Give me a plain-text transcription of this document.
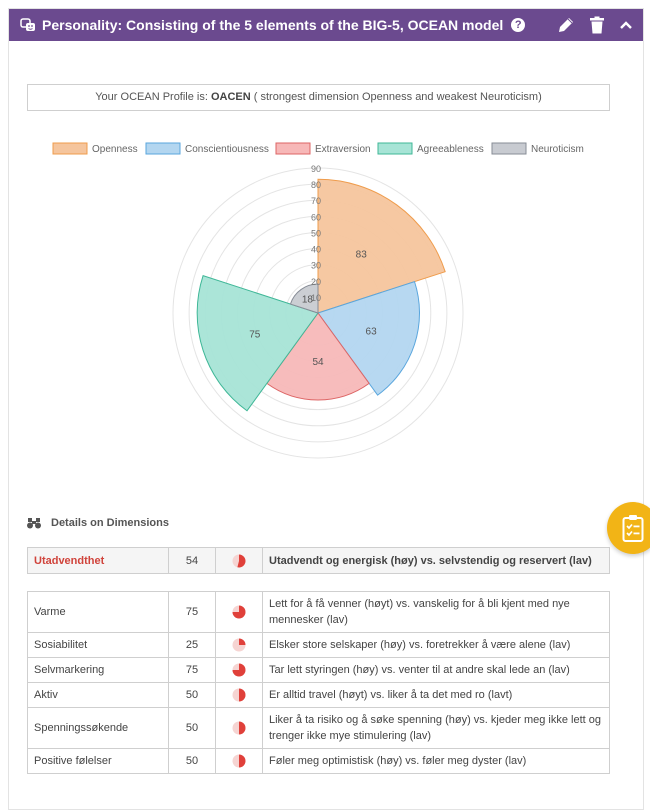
Personality: Consisting of the 5 elements of the BIG-5, OCEAN model	?
Your OCEAN Profile is: OACEN ( strongest dimension Openness and weakest Neuroticism)
Openness	Conscientiousness	Extraversion	Agreeableness	Neuroticism
10
20
30
40
50
60
70
80
90
83
63
54
75
18
Details on Dimensions
Utadvendthet	54		Utadvendt og energisk (høy) vs. selvstendig og reservert (lav)
Varme	75		Lett for å få venner (høyt) vs. vanskelig for å bli kjent med nye mennesker (lav)
Sosiabilitet	25		Elsker store selskaper (høy) vs. foretrekker å være alene (lav)
Selvmarkering	75		Tar lett styringen (høy) vs. venter til at andre skal lede an (lav)
Aktiv	50		Er alltid travel (høyt) vs. liker å ta det med ro (lavt)
Spenningssøkende	50		Liker å ta risiko og å søke spenning (høy) vs. kjeder meg ikke lett og trenger ikke mye stimulering (lav)
Positive følelser	50		Føler meg optimistisk (høy) vs. føler meg dyster (lav)
